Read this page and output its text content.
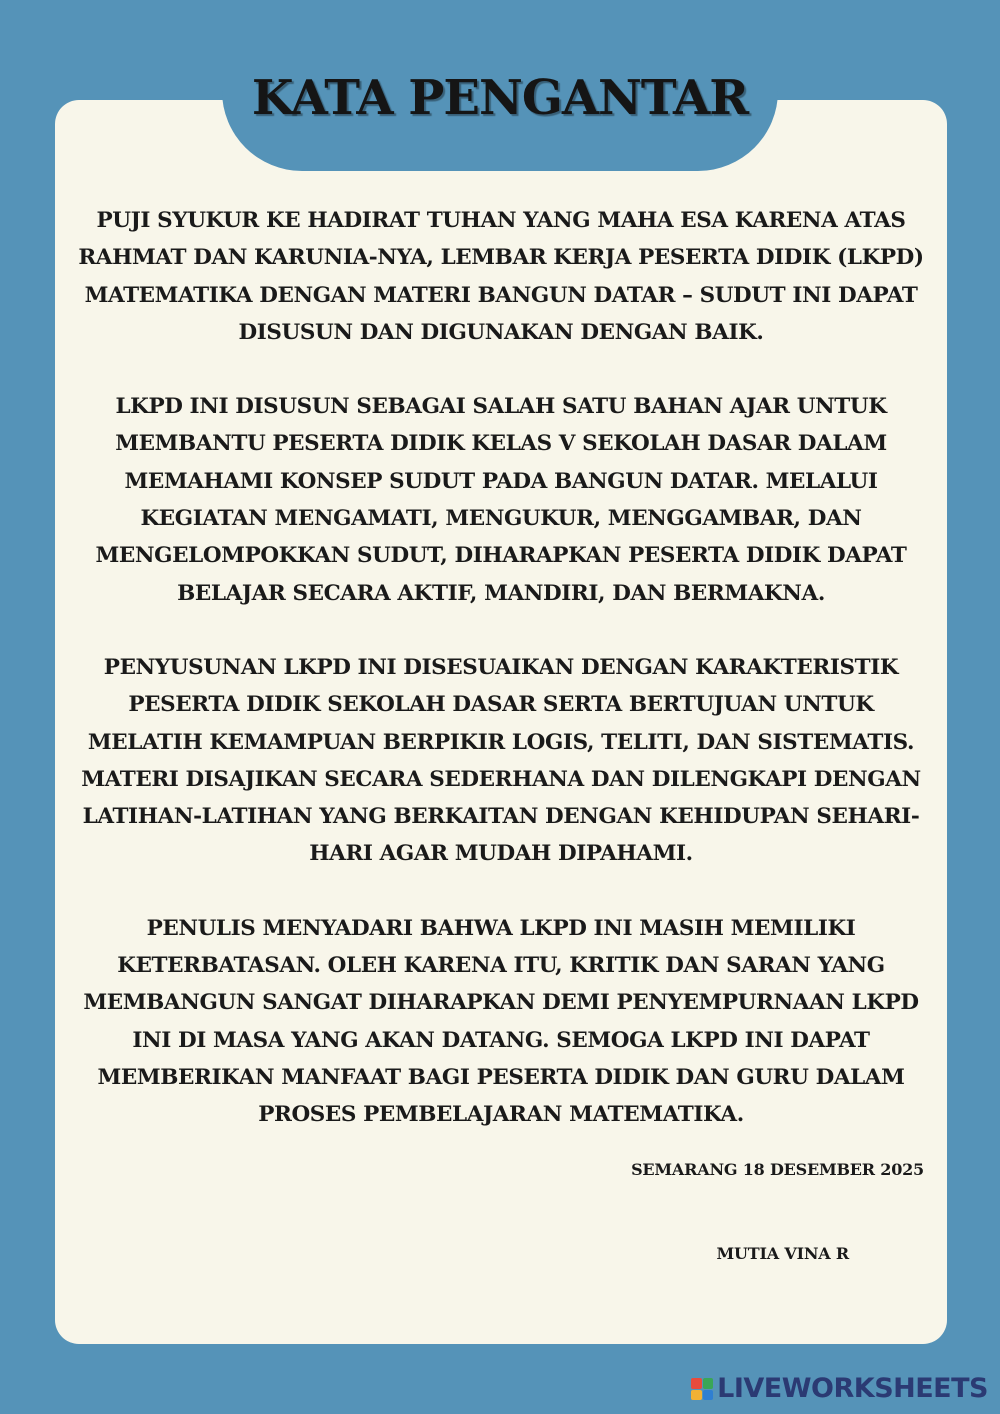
KATA PENGANTAR

PUJI SYUKUR KE HADIRAT TUHAN YANG MAHA ESA KARENA ATAS RAHMAT DAN KARUNIA-NYA, LEMBAR KERJA PESERTA DIDIK (LKPD) MATEMATIKA DENGAN MATERI BANGUN DATAR – SUDUT INI DAPAT DISUSUN DAN DIGUNAKAN DENGAN BAIK.

LKPD INI DISUSUN SEBAGAI SALAH SATU BAHAN AJAR UNTUK MEMBANTU PESERTA DIDIK KELAS V SEKOLAH DASAR DALAM MEMAHAMI KONSEP SUDUT PADA BANGUN DATAR. MELALUI KEGIATAN MENGAMATI, MENGUKUR, MENGGAMBAR, DAN MENGELOMPOKKAN SUDUT, DIHARAPKAN PESERTA DIDIK DAPAT BELAJAR SECARA AKTIF, MANDIRI, DAN BERMAKNA.

PENYUSUNAN LKPD INI DISESUAIKAN DENGAN KARAKTERISTIK PESERTA DIDIK SEKOLAH DASAR SERTA BERTUJUAN UNTUK MELATIH KEMAMPUAN BERPIKIR LOGIS, TELITI, DAN SISTEMATIS. MATERI DISAJIKAN SECARA SEDERHANA DAN DILENGKAPI DENGAN LATIHAN-LATIHAN YANG BERKAITAN DENGAN KEHIDUPAN SEHARI-HARI AGAR MUDAH DIPAHAMI.

PENULIS MENYADARI BAHWA LKPD INI MASIH MEMILIKI KETERBATASAN. OLEH KARENA ITU, KRITIK DAN SARAN YANG MEMBANGUN SANGAT DIHARAPKAN DEMI PENYEMPURNAAN LKPD INI DI MASA YANG AKAN DATANG. SEMOGA LKPD INI DAPAT MEMBERIKAN MANFAAT BAGI PESERTA DIDIK DAN GURU DALAM PROSES PEMBELAJARAN MATEMATIKA.

SEMARANG 18 DESEMBER 2025
MUTIA VINA R
LIVEWORKSHEETS
